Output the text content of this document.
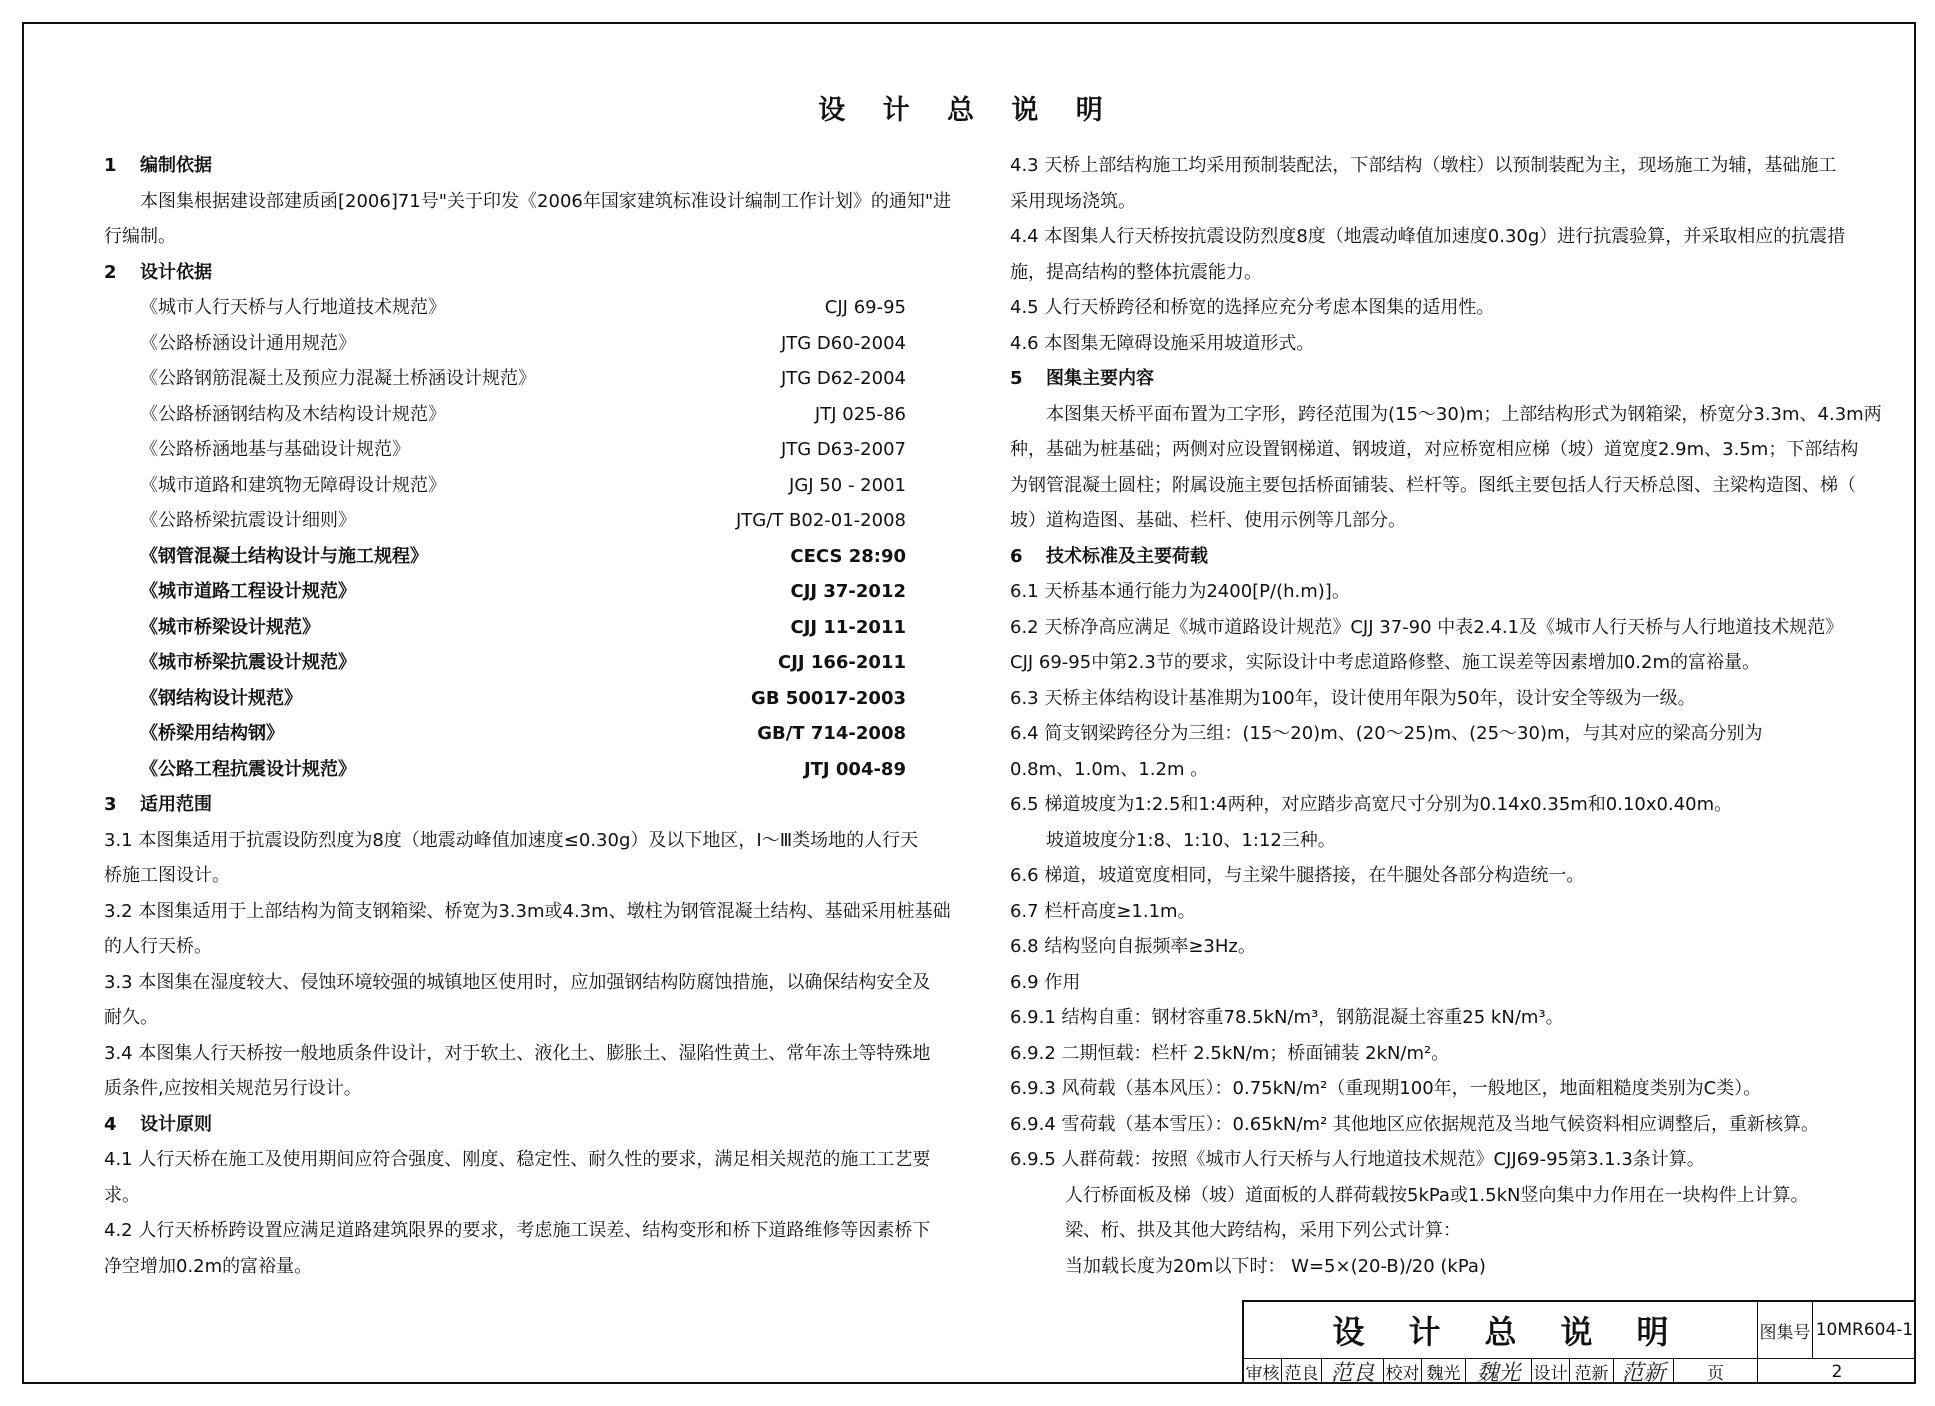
设 计 总 说 明
1 编制依据
本图集根据建设部建质函[2006]71号"关于印发《2006年国家建筑标准设计编制工作计划》的通知"进
行编制。
2 设计依据
《城市人行天桥与人行地道技术规范》	CJJ 69-95
《公路桥涵设计通用规范》	JTG D60-2004
《公路钢筋混凝土及预应力混凝土桥涵设计规范》	JTG D62-2004
《公路桥涵钢结构及木结构设计规范》	JTJ 025-86
《公路桥涵地基与基础设计规范》	JTG D63-2007
《城市道路和建筑物无障碍设计规范》	JGJ 50 - 2001
《公路桥梁抗震设计细则》	JTG/T B02-01-2008
《钢管混凝土结构设计与施工规程》	CECS 28:90
《城市道路工程设计规范》	CJJ 37-2012
《城市桥梁设计规范》	CJJ 11-2011
《城市桥梁抗震设计规范》	CJJ 166-2011
《钢结构设计规范》	GB 50017-2003
《桥梁用结构钢》	GB/T 714-2008
《公路工程抗震设计规范》	JTJ 004-89
3 适用范围
3.1 本图集适用于抗震设防烈度为8度（地震动峰值加速度≤0.30g）及以下地区，Ⅰ～Ⅲ类场地的人行天
桥施工图设计。
3.2 本图集适用于上部结构为简支钢箱梁、桥宽为3.3m或4.3m、墩柱为钢管混凝土结构、基础采用桩基础
的人行天桥。
3.3 本图集在湿度较大、侵蚀环境较强的城镇地区使用时，应加强钢结构防腐蚀措施，以确保结构安全及
耐久。
3.4 本图集人行天桥按一般地质条件设计，对于软土、液化土、膨胀土、湿陷性黄土、常年冻土等特殊地
质条件,应按相关规范另行设计。
4 设计原则
4.1 人行天桥在施工及使用期间应符合强度、刚度、稳定性、耐久性的要求，满足相关规范的施工工艺要
求。
4.2 人行天桥桥跨设置应满足道路建筑限界的要求，考虑施工误差、结构变形和桥下道路维修等因素桥下
净空增加0.2m的富裕量。
4.3 天桥上部结构施工均采用预制装配法，下部结构（墩柱）以预制装配为主，现场施工为辅，基础施工
采用现场浇筑。
4.4 本图集人行天桥按抗震设防烈度8度（地震动峰值加速度0.30g）进行抗震验算，并采取相应的抗震措
施，提高结构的整体抗震能力。
4.5 人行天桥跨径和桥宽的选择应充分考虑本图集的适用性。
4.6 本图集无障碍设施采用坡道形式。
5 图集主要内容
本图集天桥平面布置为工字形，跨径范围为(15～30)m；上部结构形式为钢箱梁，桥宽分3.3m、4.3m两
种，基础为桩基础；两侧对应设置钢梯道、钢坡道，对应桥宽相应梯（坡）道宽度2.9m、3.5m；下部结构
为钢管混凝土圆柱；附属设施主要包括桥面铺装、栏杆等。图纸主要包括人行天桥总图、主梁构造图、梯（
坡）道构造图、基础、栏杆、使用示例等几部分。
6 技术标准及主要荷载
6.1 天桥基本通行能力为2400[P/(h.m)]。
6.2 天桥净高应满足《城市道路设计规范》CJJ 37-90 中表2.4.1及《城市人行天桥与人行地道技术规范》
CJJ 69-95中第2.3节的要求，实际设计中考虑道路修整、施工误差等因素增加0.2m的富裕量。
6.3 天桥主体结构设计基准期为100年，设计使用年限为50年，设计安全等级为一级。
6.4 简支钢梁跨径分为三组：(15～20)m、(20～25)m、(25～30)m，与其对应的梁高分别为
0.8m、1.0m、1.2m 。
6.5 梯道坡度为1:2.5和1:4两种，对应踏步高宽尺寸分别为0.14x0.35m和0.10x0.40m。
坡道坡度分1:8、1:10、1:12三种。
6.6 梯道，坡道宽度相同，与主梁牛腿搭接，在牛腿处各部分构造统一。
6.7 栏杆高度≥1.1m。
6.8 结构竖向自振频率≥3Hz。
6.9 作用
6.9.1 结构自重：钢材容重78.5kN/m³，钢筋混凝土容重25 kN/m³。
6.9.2 二期恒载：栏杆 2.5kN/m；桥面铺装 2kN/m²。
6.9.3 风荷载（基本风压）：0.75kN/m²（重现期100年，一般地区，地面粗糙度类别为C类）。
6.9.4 雪荷载（基本雪压）：0.65kN/m² 其他地区应依据规范及当地气候资料相应调整后，重新核算。
6.9.5 人群荷载：按照《城市人行天桥与人行地道技术规范》CJJ69-95第3.1.3条计算。
人行桥面板及梯（坡）道面板的人群荷载按5kPa或1.5kN竖向集中力作用在一块构件上计算。
梁、桁、拱及其他大跨结构，采用下列公式计算：
当加载长度为20m以下时： W=5×(20-B)/20 (kPa)
设计总说明	图集号 10MR604-1
审核 范良 范良 校对 魏光 魏光 设计 范新 范新	页	2
